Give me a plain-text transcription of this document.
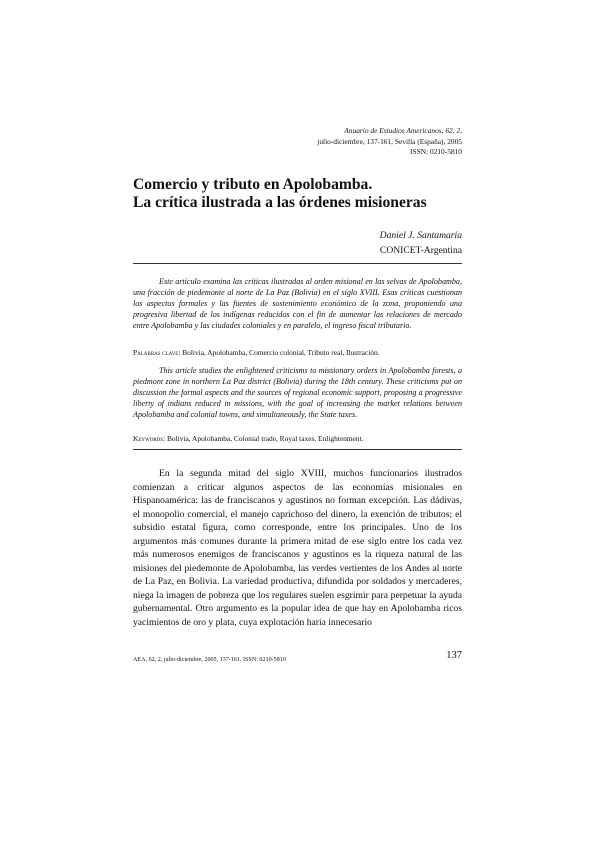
Anuario de Estudios Americanos, 62, 2,
julio-diciembre, 137-161, Sevilla (España), 2005
ISSN: 0210-5810
Comercio y tributo en Apolobamba.
La crítica ilustrada a las órdenes misioneras
Daniel J. Santamaría
CONICET-Argentina

Este artículo examina las críticas ilustradas al orden misional en las selvas de Apolobamba, una fracción de piedemonte al norte de La Paz (Bolivia) en el siglo XVIII. Esas críticas cuestionan los aspectos formales y las fuentes de sostenimiento económico de la zona, proponiendo una progresiva libertad de los indígenas reducidos con el fin de aumentar las relaciones de mercado entre Apolobamba y las ciudades coloniales y en paralelo, el ingreso fiscal tributario.

Palabras clave: Bolivia, Apolobamba, Comercio colonial, Tributo real, Ilustración.

This article studies the enlightened criticisms to missionary orders in Apolobamba forests, a piedmont zone in northern La Paz district (Bolivia) during the 18th century. These criticisms put on discussion the formal aspects and the sources of regional economic support, proposing a progressive liberty of indians reduced in missions, with the goal of increasing the market relations between Apolobamba and colonial towns, and simultaneously, the State taxes.

Keywords: Bolivia, Apolobamba, Colonial trade, Royal taxes, Enlightenment.

En la segunda mitad del siglo XVIII, muchos funcionarios ilustrados comienzan a criticar algunos aspectos de las economías misionales en Hispanoamérica: las de franciscanos y agustinos no forman excepción. Las dádivas, el monopolio comercial, el manejo caprichoso del dinero, la exención de tributos; el subsidio estatal figura, como corresponde, entre los principales. Uno de los argumentos más comunes durante la primera mitad de ese siglo entre los cada vez más numerosos enemigos de franciscanos y agustinos es la riqueza natural de las misiones del piedemonte de Apolobamba, las verdes vertientes de los Andes al norte de La Paz, en Bolivia. La variedad productiva, difundida por soldados y mercaderes, niega la imagen de pobreza que los regulares suelen esgrimir para perpetuar la ayuda gubernamental. Otro argumento es la popular idea de que hay en Apolobamba ricos yacimientos de oro y plata, cuya explotación haría innecesario

AEA, 62, 2, julio-diciembre, 2005, 137-161. ISSN: 0210-5810	137
